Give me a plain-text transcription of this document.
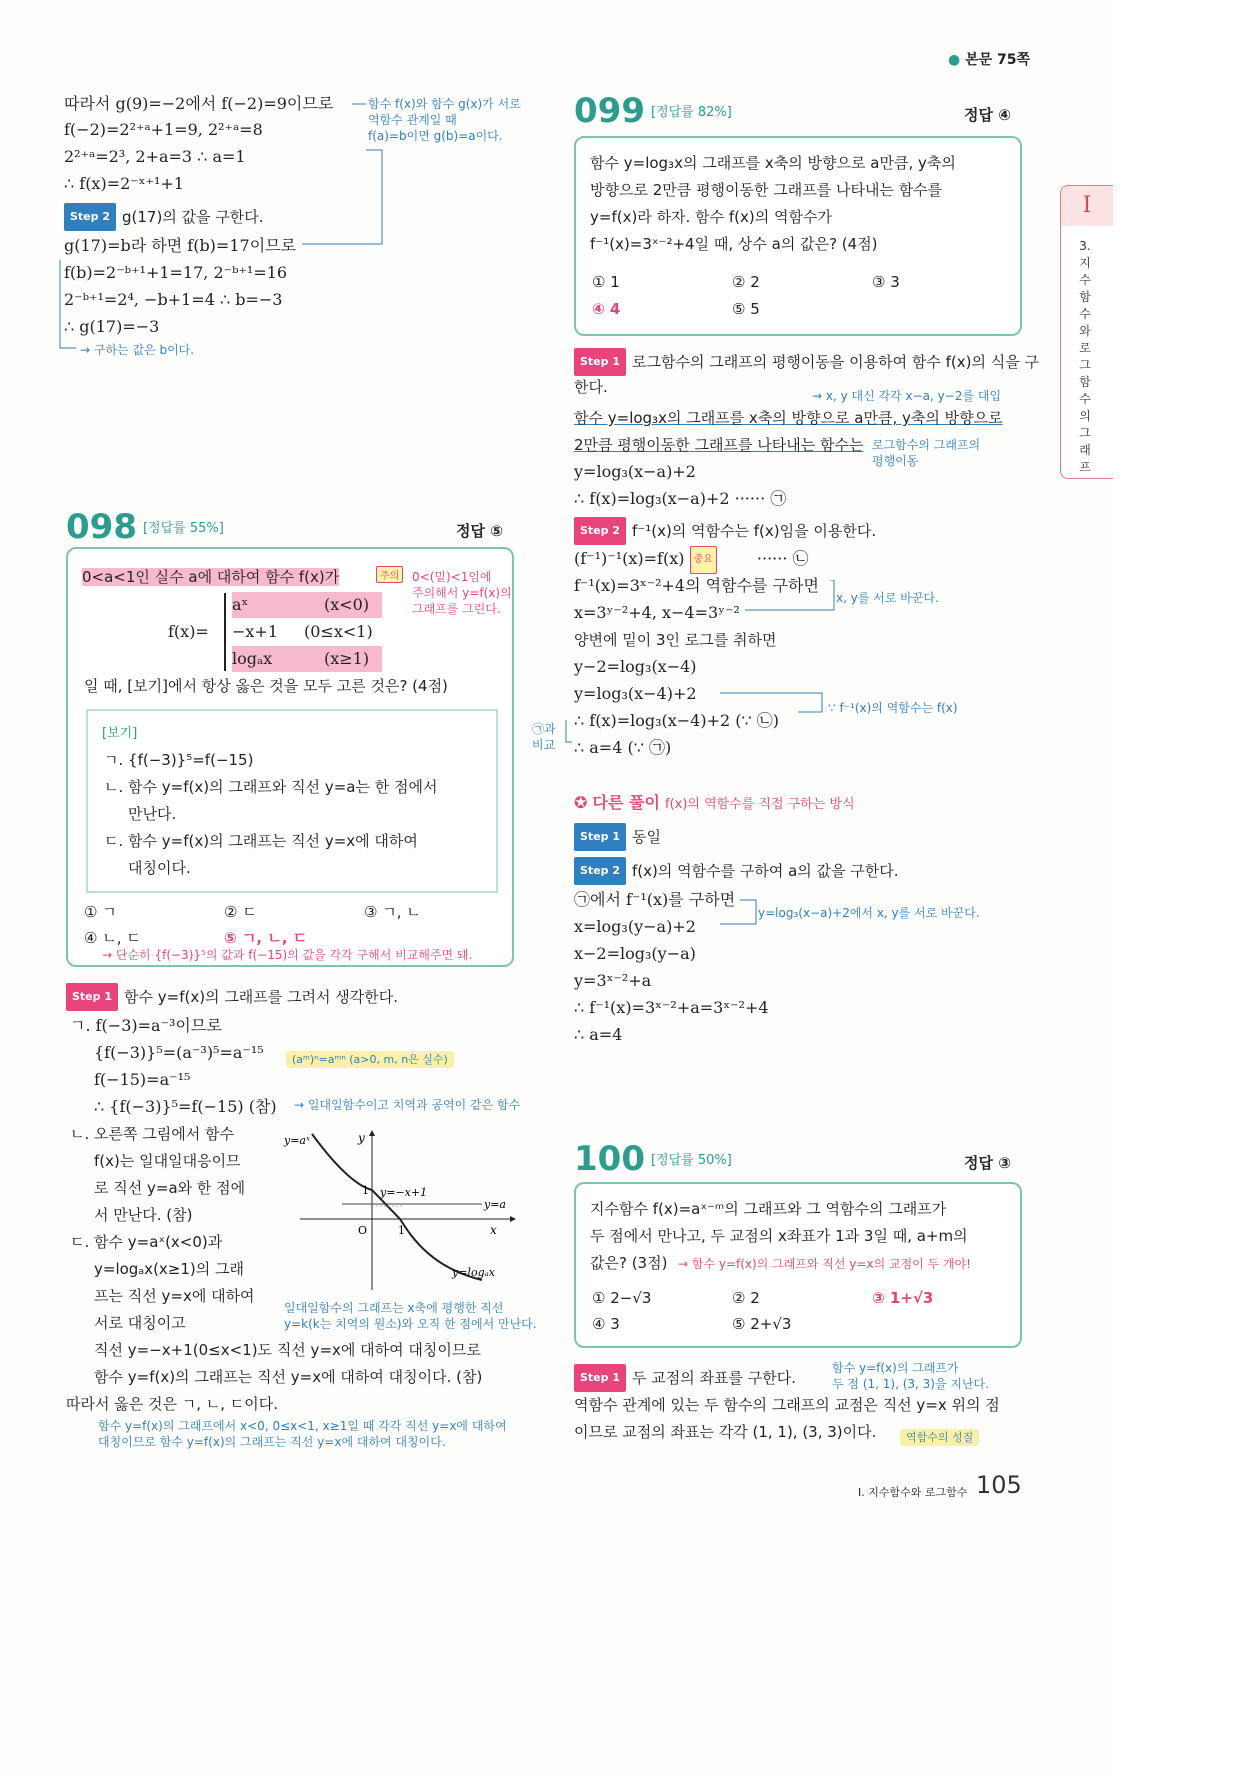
● 본문 75쪽
Ⅰ
3.
지
수
함
수
와
로
그
함
수
의
그
래
프
따라서 g(9)=−2에서 f(−2)=9이므로
f(−2)=2²⁺ᵃ+1=9, 2²⁺ᵃ=8
2²⁺ᵃ=2³, 2+a=3 ∴ a=1
∴ f(x)=2⁻ˣ⁺¹+1
함수 f(x)와 함수 g(x)가 서로
역함수 관계일 때
f(a)=b이면 g(b)=a이다.
Step 2 g(17)의 값을 구한다.
g(17)=b라 하면 f(b)=17이므로
f(b)=2⁻ᵇ⁺¹+1=17, 2⁻ᵇ⁺¹=16
2⁻ᵇ⁺¹=2⁴, −b+1=4 ∴ b=−3
∴ g(17)=−3
→ 구하는 값은 b이다.
098 [정답률 55%]	정답 ⑤
0<a<1인 실수 a에 대하여 함수 f(x)가	주의	0<(밑)<1임에
주의해서 y=f(x)의
그래프를 그린다.
f(x)=
aˣ	(x<0)
−x+1 (0≤x<1)
logₐx	(x≥1)
일 때, [보기]에서 항상 옳은 것을 모두 고른 것은? (4점)
[보기]
ㄱ. {f(−3)}⁵=f(−15)
ㄴ. 함수 y=f(x)의 그래프와 직선 y=a는 한 점에서
만난다.
ㄷ. 함수 y=f(x)의 그래프는 직선 y=x에 대하여
대칭이다.
① ㄱ	② ㄷ	③ ㄱ, ㄴ
④ ㄴ, ㄷ	⑤ ㄱ, ㄴ, ㄷ
→ 단순히 {f(−3)}⁵의 값과 f(−15)의 값을 각각 구해서 비교해주면 돼.
Step 1 함수 y=f(x)의 그래프를 그려서 생각한다.
ㄱ. f(−3)=a⁻³이므로
{f(−3)}⁵=(a⁻³)⁵=a⁻¹⁵
f(−15)=a⁻¹⁵
∴ {f(−3)}⁵=f(−15) (참)
(aᵐ)ⁿ=aᵐⁿ (a>0, m, n은 실수)
→ 일대일함수이고 치역과 공역이 같은 함수
ㄴ. 오른쪽 그림에서 함수
f(x)는 일대일대응이므
로 직선 y=a와 한 점에
서 만난다. (참)
ㄷ. 함수 y=aˣ(x<0)과
y=logₐx(x≥1)의 그래
프는 직선 y=x에 대하여
서로 대칭이고
일대일함수의 그래프는 x축에 평행한 직선
y=k(k는 치역의 원소)와 오직 한 점에서 만난다.
직선 y=−x+1(0≤x<1)도 직선 y=x에 대하여 대칭이므로
함수 y=f(x)의 그래프는 직선 y=x에 대하여 대칭이다. (참)
따라서 옳은 것은 ㄱ, ㄴ, ㄷ이다.
함수 y=f(x)의 그래프에서 x<0, 0≤x<1, x≥1일 때 각각 직선 y=x에 대하여
대칭이므로 함수 y=f(x)의 그래프는 직선 y=x에 대하여 대칭이다.
y=aˣ
y=−x+1
y=a
y=logₐx
O	1
1
x
y
099 [정답률 82%]	정답 ④
함수 y=log₃x의 그래프를 x축의 방향으로 a만큼, y축의
방향으로 2만큼 평행이동한 그래프를 나타내는 함수를
y=f(x)라 하자. 함수 f(x)의 역함수가
f⁻¹(x)=3ˣ⁻²+4일 때, 상수 a의 값은? (4점)
① 1	② 2	③ 3
④ 4	⑤ 5
Step 1 로그함수의 그래프의 평행이동을 이용하여 함수 f(x)의 식을 구
한다.	→ x, y 대신 각각 x−a, y−2를 대입
함수 y=log₃x의 그래프를 x축의 방향으로 a만큼, y축의 방향으로
2만큼 평행이동한 그래프를 나타내는 함수는 로그함수의 그래프의
평행이동
y=log₃(x−a)+2
∴ f(x)=log₃(x−a)+2 ······ ㉠
Step 2 f⁻¹(x)의 역함수는 f(x)임을 이용한다.
(f⁻¹)⁻¹(x)=f(x) 중요	······ ㉡
f⁻¹(x)=3ˣ⁻²+4의 역함수를 구하면
x, y를 서로 바꾼다.
x=3ʸ⁻²+4, x−4=3ʸ⁻²
양변에 밑이 3인 로그를 취하면
y−2=log₃(x−4)
y=log₃(x−4)+2
∵ f⁻¹(x)의 역함수는 f(x)
∴ f(x)=log₃(x−4)+2 (∵ ㉡)
∴ a=4 (∵ ㉠)
㉠과
비교
✪ 다른 풀이 f(x)의 역함수를 직접 구하는 방식
Step 1 동일
Step 2 f(x)의 역함수를 구하여 a의 값을 구한다.
㉠에서 f⁻¹(x)를 구하면
y=log₃(x−a)+2에서 x, y를 서로 바꾼다.
x=log₃(y−a)+2
x−2=log₃(y−a)
y=3ˣ⁻²+a
∴ f⁻¹(x)=3ˣ⁻²+a=3ˣ⁻²+4
∴ a=4
100 [정답률 50%]	정답 ③
지수함수 f(x)=aˣ⁻ᵐ의 그래프와 그 역함수의 그래프가
두 점에서 만나고, 두 교점의 x좌표가 1과 3일 때, a+m의
값은? (3점) → 함수 y=f(x)의 그래프와 직선 y=x의 교점이 두 개야!
① 2−√3	② 2	③ 1+√3
④ 3	⑤ 2+√3
Step 1 두 교점의 좌표를 구한다.
함수 y=f(x)의 그래프가
두 점 (1, 1), (3, 3)을 지난다.
역함수 관계에 있는 두 함수의 그래프의 교점은 직선 y=x 위의 점
이므로 교점의 좌표는 각각 (1, 1), (3, 3)이다.	역함수의 성질
Ⅰ. 지수함수와 로그함수 105
